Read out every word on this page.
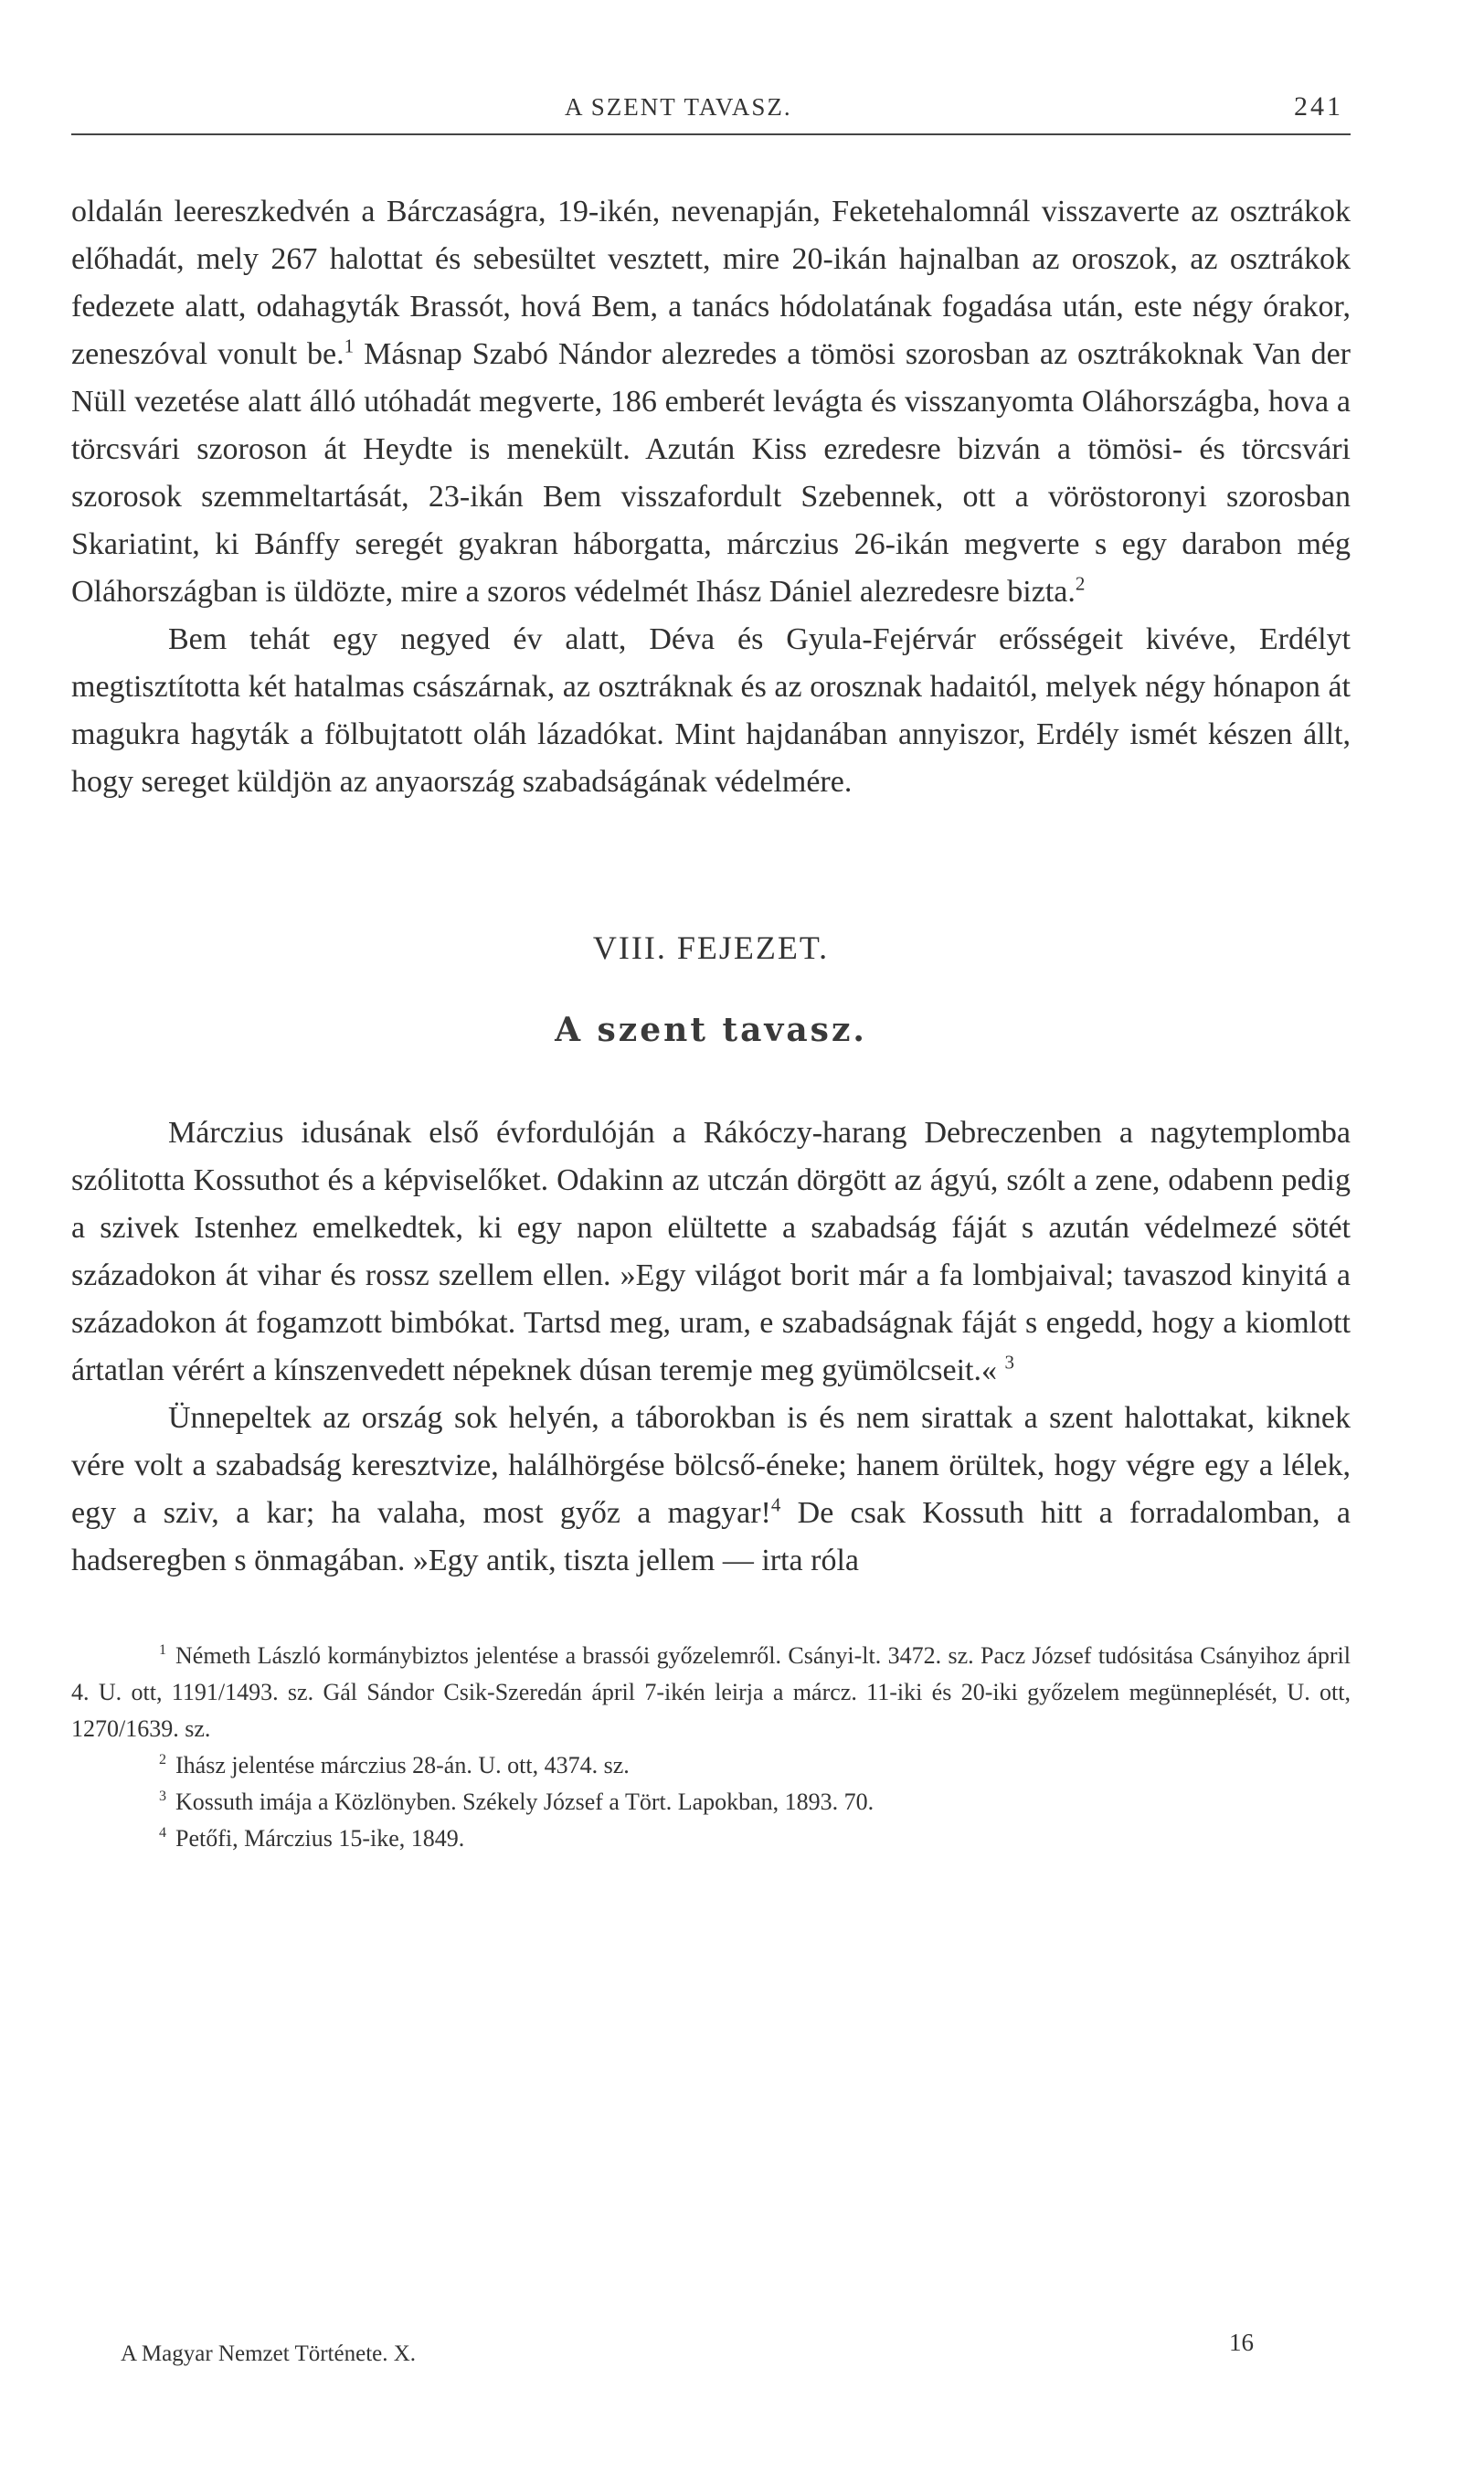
A SZENT TAVASZ.	241

oldalán leereszkedvén a Bárczaságra, 19-ikén, nevenapján, Feketehalomnál visszaverte az osztrákok előhadát, mely 267 halottat és sebesültet vesztett, mire 20-ikán hajnalban az oroszok, az osztrákok fedezete alatt, odahagyták Brassót, hová Bem, a tanács hódolatának fogadása után, este négy órakor, zeneszóval vonult be.$^1$ Másnap Szabó Nándor alezredes a tömösi szorosban az osztrákoknak Van der Nüll vezetése alatt álló utóhadát megverte, 186 emberét levágta és visszanyomta Oláhországba, hova a törcsvári szoroson át Heydte is menekült. Azután Kiss ezredesre bizván a tömösi- és törcsvári szorosok szemmeltartását, 23-ikán Bem visszafordult Szebennek, ott a vöröstoronyi szorosban Skariatint, ki Bánffy seregét gyakran háborgatta, márczius 26-ikán megverte s egy darabon még Oláhországban is üldözte, mire a szoros védelmét Ihász Dániel alezredesre bizta.$^2$

Bem tehát egy negyed év alatt, Déva és Gyula-Fejérvár erősségeit kivéve, Erdélyt megtisztította két hatalmas császárnak, az osztráknak és az orosznak hadaitól, melyek négy hónapon át magukra hagyták a fölbujtatott oláh lázadókat. Mint hajdanában annyiszor, Erdély ismét készen állt, hogy sereget küldjön az anyaország szabadságának védelmére.

VIII. FEJEZET.
A szent tavasz.

Márczius idusának első évfordulóján a Rákóczy-harang Debreczenben a nagytemplomba szólitotta Kossuthot és a képviselőket. Odakinn az utczán dörgött az ágyú, szólt a zene, odabenn pedig a szivek Istenhez emelkedtek, ki egy napon elültette a szabadság fáját s azután védelmezé sötét századokon át vihar és rossz szellem ellen. »Egy világot borit már a fa lombjaival; tavaszod kinyitá a századokon át fogamzott bimbókat. Tartsd meg, uram, e szabadságnak fáját s engedd, hogy a kiomlott ártatlan vérért a kínszenvedett népeknek dúsan teremje meg gyümölcseit.« $^3$

Ünnepeltek az ország sok helyén, a táborokban is és nem sirattak a szent halottakat, kiknek vére volt a szabadság keresztvize, halálhörgése bölcső-éneke; hanem örültek, hogy végre egy a lélek, egy a sziv, a kar; ha valaha, most győz a magyar!$^4$ De csak Kossuth hitt a forradalomban, a hadseregben s önmagában. »Egy antik, tiszta jellem — irta róla

$^1$ Németh László kormánybiztos jelentése a brassói győzelemről. Csányi-lt. 3472. sz. Pacz József tudósitása Csányihoz ápril 4. U. ott, 1191/1493. sz. Gál Sándor Csik-Szeredán ápril 7-ikén leirja a márcz. 11-iki és 20-iki győzelem megünneplését, U. ott, 1270/1639. sz.

$^2$ Ihász jelentése márczius 28-án. U. ott, 4374. sz.

$^3$ Kossuth imája a Közlönyben. Székely József a Tört. Lapokban, 1893. 70.

$^4$ Petőfi, Márczius 15-ike, 1849.

A Magyar Nemzet Története. X.	16
